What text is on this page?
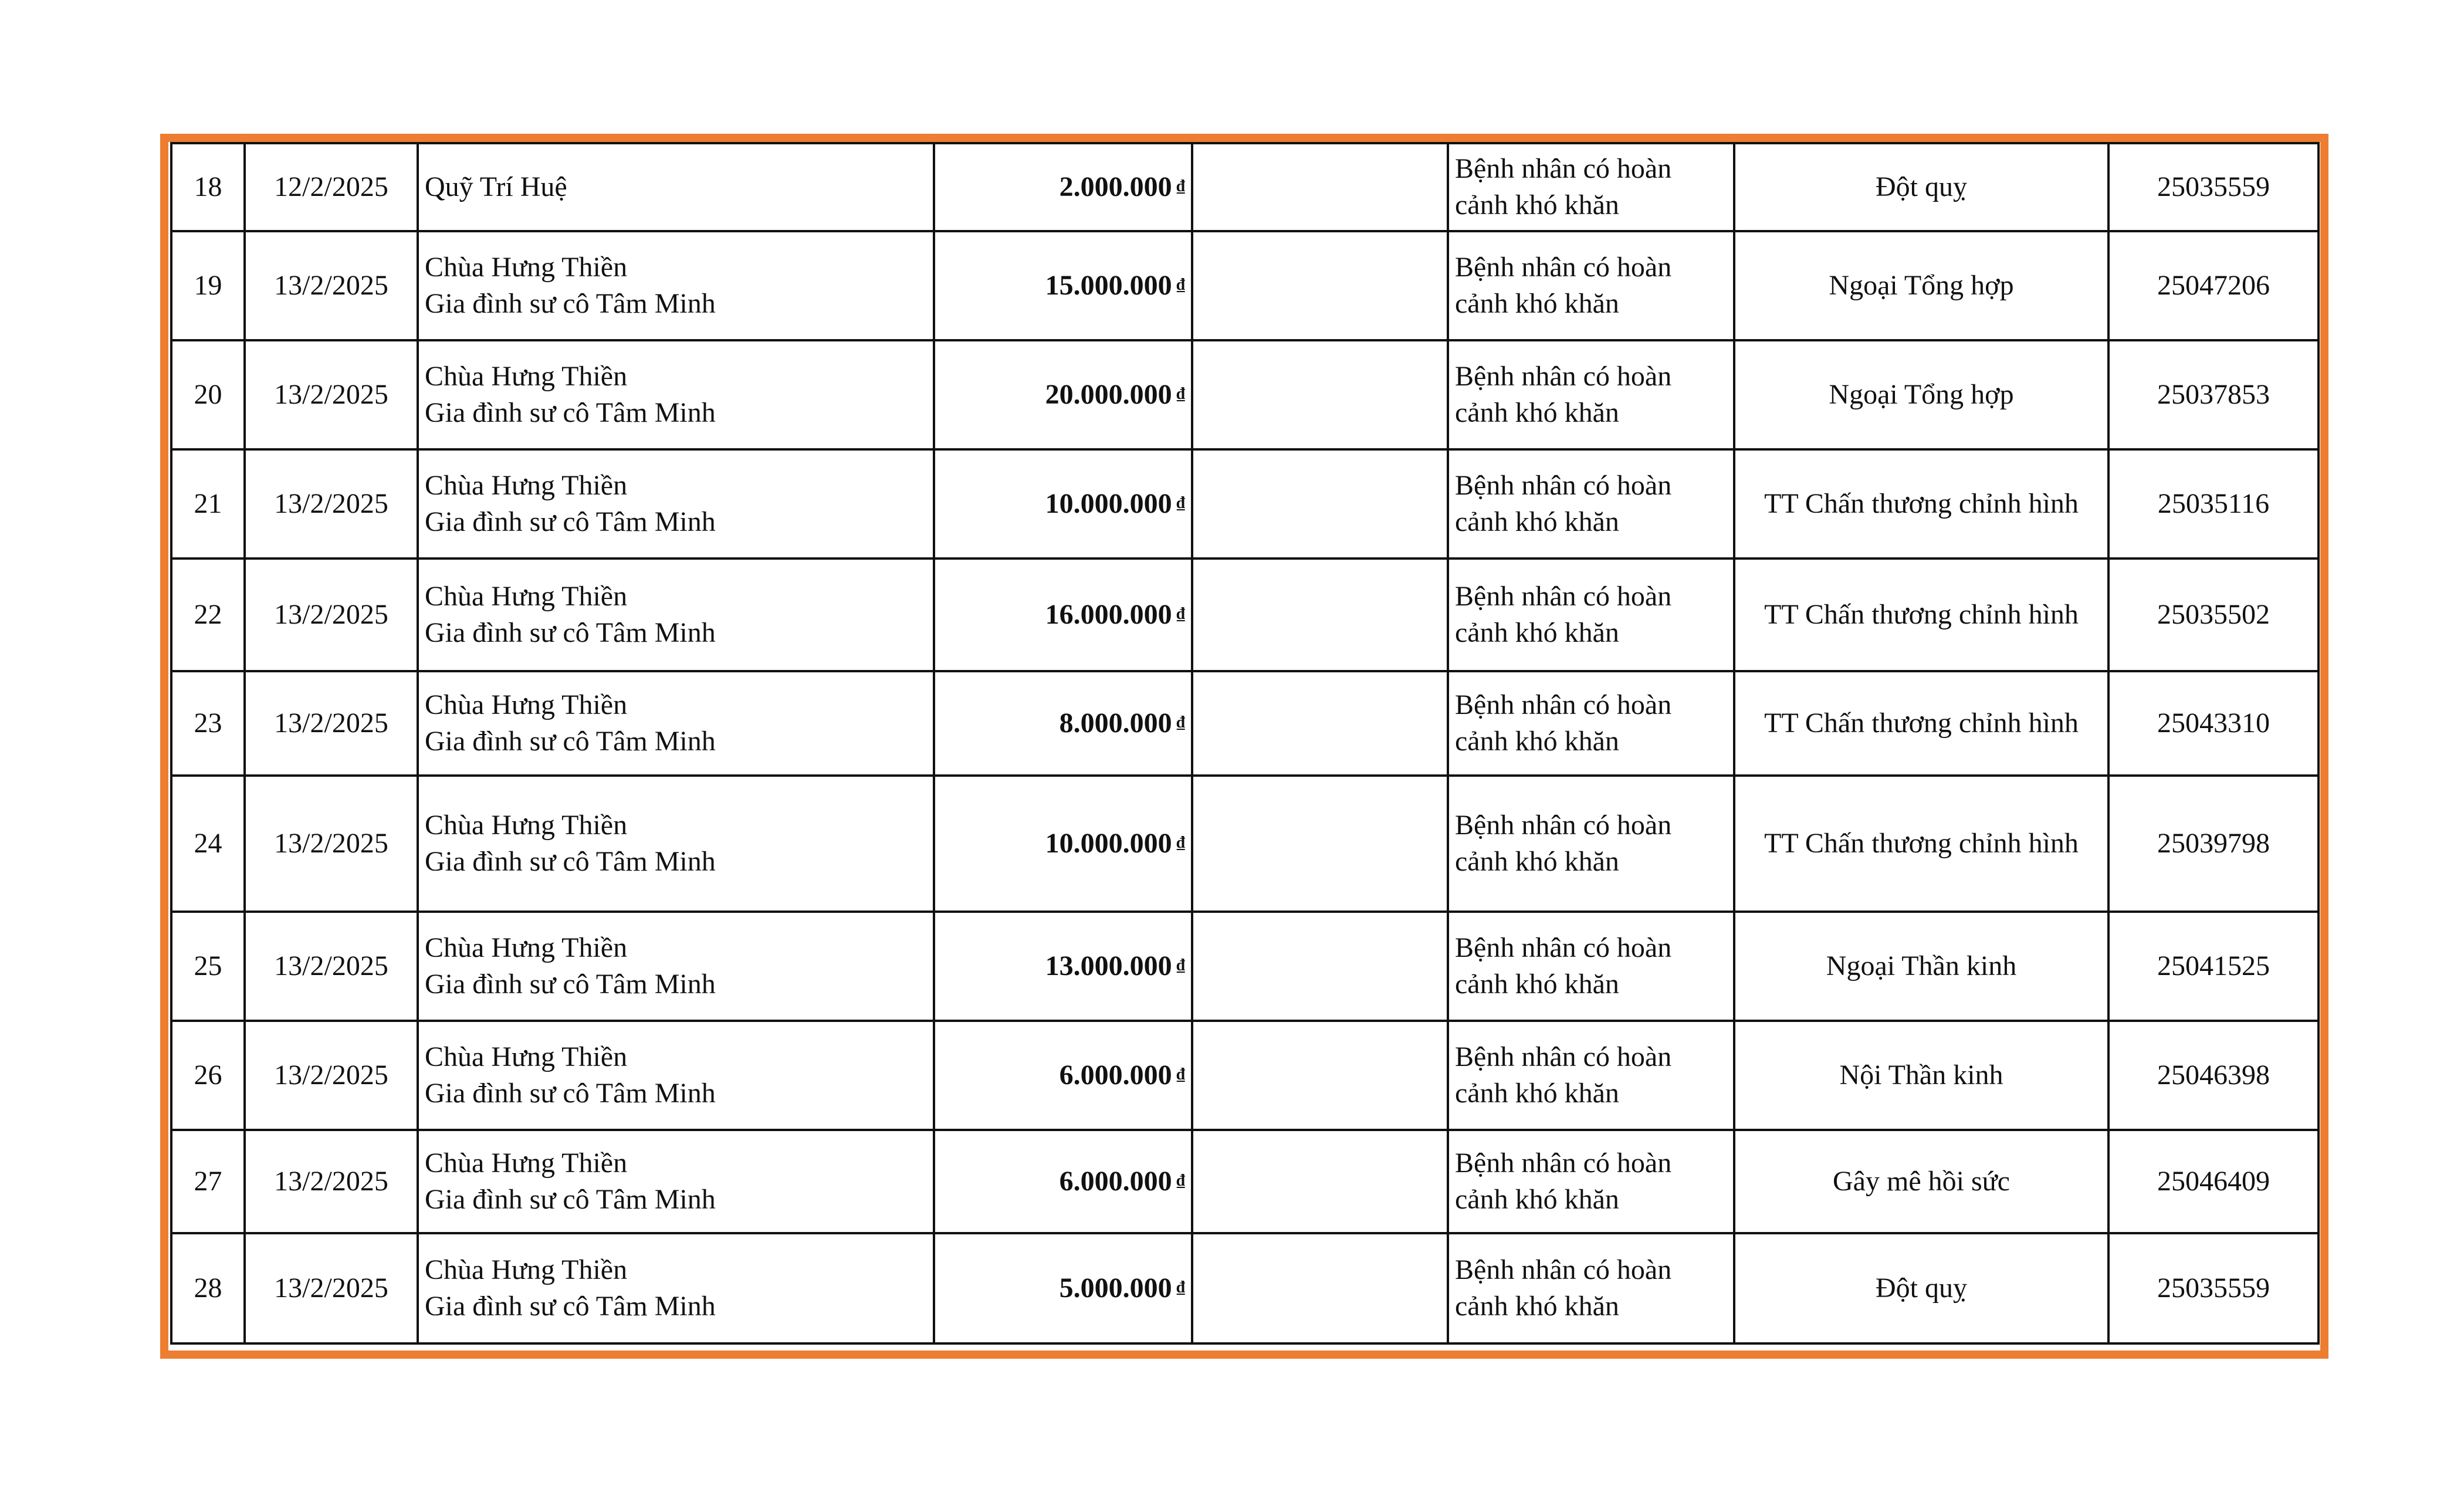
18	12/2/2025	Quỹ Trí Huệ	2.000.000 ₫		Bệnh nhân có hoàn
cảnh khó khăn	Đột quỵ	25035559
19	13/2/2025	Chùa Hưng Thiền
Gia đình sư cô Tâm Minh	15.000.000 ₫		Bệnh nhân có hoàn
cảnh khó khăn	Ngoại Tổng hợp	25047206
20	13/2/2025	Chùa Hưng Thiền
Gia đình sư cô Tâm Minh	20.000.000 ₫		Bệnh nhân có hoàn
cảnh khó khăn	Ngoại Tổng hợp	25037853
21	13/2/2025	Chùa Hưng Thiền
Gia đình sư cô Tâm Minh	10.000.000 ₫		Bệnh nhân có hoàn
cảnh khó khăn	TT Chấn thương chỉnh hình	25035116
22	13/2/2025	Chùa Hưng Thiền
Gia đình sư cô Tâm Minh	16.000.000 ₫		Bệnh nhân có hoàn
cảnh khó khăn	TT Chấn thương chỉnh hình	25035502
23	13/2/2025	Chùa Hưng Thiền
Gia đình sư cô Tâm Minh	8.000.000 ₫		Bệnh nhân có hoàn
cảnh khó khăn	TT Chấn thương chỉnh hình	25043310
24	13/2/2025	Chùa Hưng Thiền
Gia đình sư cô Tâm Minh	10.000.000 ₫		Bệnh nhân có hoàn
cảnh khó khăn	TT Chấn thương chỉnh hình	25039798
25	13/2/2025	Chùa Hưng Thiền
Gia đình sư cô Tâm Minh	13.000.000 ₫		Bệnh nhân có hoàn
cảnh khó khăn	Ngoại Thần kinh	25041525
26	13/2/2025	Chùa Hưng Thiền
Gia đình sư cô Tâm Minh	6.000.000 ₫		Bệnh nhân có hoàn
cảnh khó khăn	Nội Thần kinh	25046398
27	13/2/2025	Chùa Hưng Thiền
Gia đình sư cô Tâm Minh	6.000.000 ₫		Bệnh nhân có hoàn
cảnh khó khăn	Gây mê hồi sức	25046409
28	13/2/2025	Chùa Hưng Thiền
Gia đình sư cô Tâm Minh	5.000.000 ₫		Bệnh nhân có hoàn
cảnh khó khăn	Đột quỵ	25035559
